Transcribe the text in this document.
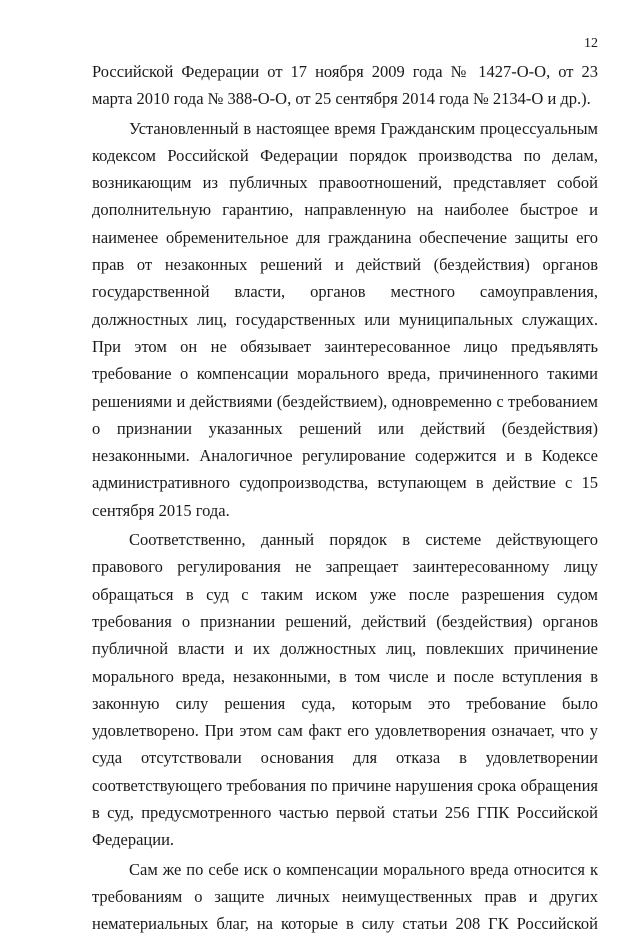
12

Российской Федерации от 17 ноября 2009 года № 1427-О-О, от 23 марта 2010 года № 388-О-О, от 25 сентября 2014 года № 2134-О и др.).

Установленный в настоящее время Гражданским процессуальным кодексом Российской Федерации порядок производства по делам, возникающим из публичных правоотношений, представляет собой дополнительную гарантию, направленную на наиболее быстрое и наименее обременительное для гражданина обеспечение защиты его прав от незаконных решений и действий (бездействия) органов государственной власти, органов местного самоуправления, должностных лиц, государственных или муниципальных служащих. При этом он не обязывает заинтересованное лицо предъявлять требование о компенсации морального вреда, причиненного такими решениями и действиями (бездействием), одновременно с требованием о признании указанных решений или действий (бездействия) незаконными. Аналогичное регулирование содержится и в Кодексе административного судопроизводства, вступающем в действие с 15 сентября 2015 года.

Соответственно, данный порядок в системе действующего правового регулирования не запрещает заинтересованному лицу обращаться в суд с таким иском уже после разрешения судом требования о признании решений, действий (бездействия) органов публичной власти и их должностных лиц, повлекших причинение морального вреда, незаконными, в том числе и после вступления в законную силу решения суда, которым это требование было удовлетворено. При этом сам факт его удовлетворения означает, что у суда отсутствовали основания для отказа в удовлетворении соответствующего требования по причине нарушения срока обращения в суд, предусмотренного частью первой статьи 256 ГПК Российской Федерации.

Сам же по себе иск о компенсации морального вреда относится к требованиям о защите личных неимущественных прав и других нематериальных благ, на которые в силу статьи 208 ГК Российской
